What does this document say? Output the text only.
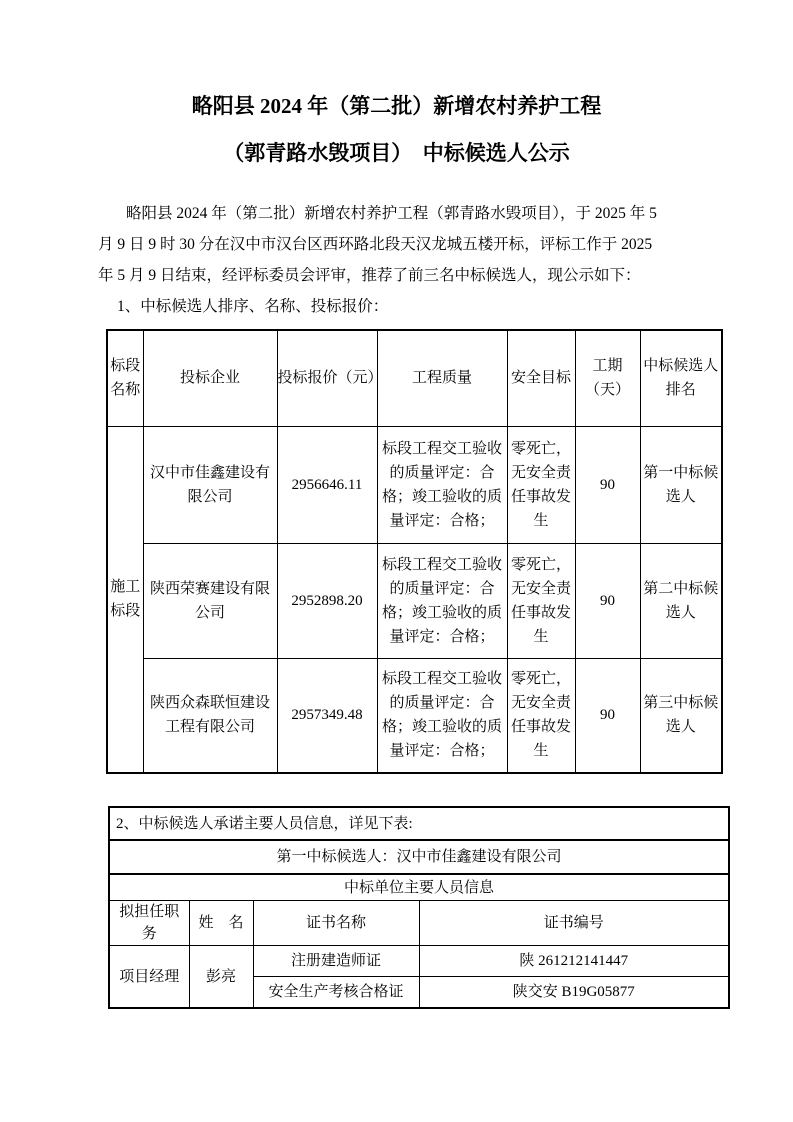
略阳县 2024 年（第二批）新增农村养护工程
（郭青路水毁项目）　中标候选人公示
略阳县 2024 年（第二批）新增农村养护工程（郭青路水毁项目），于 2025 年 5
月 9 日 9 时 30 分在汉中市汉台区西环路北段天汉龙城五楼开标，评标工作于 2025
年 5 月 9 日结束，经评标委员会评审，推荐了前三名中标候选人，现公示如下：
1、中标候选人排序、名称、投标报价：
标段名称	投标企业	投标报价（元）	工程质量	安全目标	工期（天）	中标候选人排名
施工标段	汉中市佳鑫建设有限公司	2956646.11	标段工程交工验收的质量评定：合格；竣工验收的质量评定：合格；	零死亡，无安全责任事故发生	90	第一中标候选人
	陕西荣赛建设有限公司	2952898.20	标段工程交工验收的质量评定：合格；竣工验收的质量评定：合格；	零死亡，无安全责任事故发生	90	第二中标候选人
	陕西众森联恒建设工程有限公司	2957349.48	标段工程交工验收的质量评定：合格；竣工验收的质量评定：合格；	零死亡，无安全责任事故发生	90	第三中标候选人
2、中标候选人承诺主要人员信息，详见下表:			
第一中标候选人：汉中市佳鑫建设有限公司			
中标单位主要人员信息			
拟担任职务	姓　名	证书名称	证书编号
项目经理	彭亮	注册建造师证	陕 261212141447
		安全生产考核合格证	陕交安 B19G05877
